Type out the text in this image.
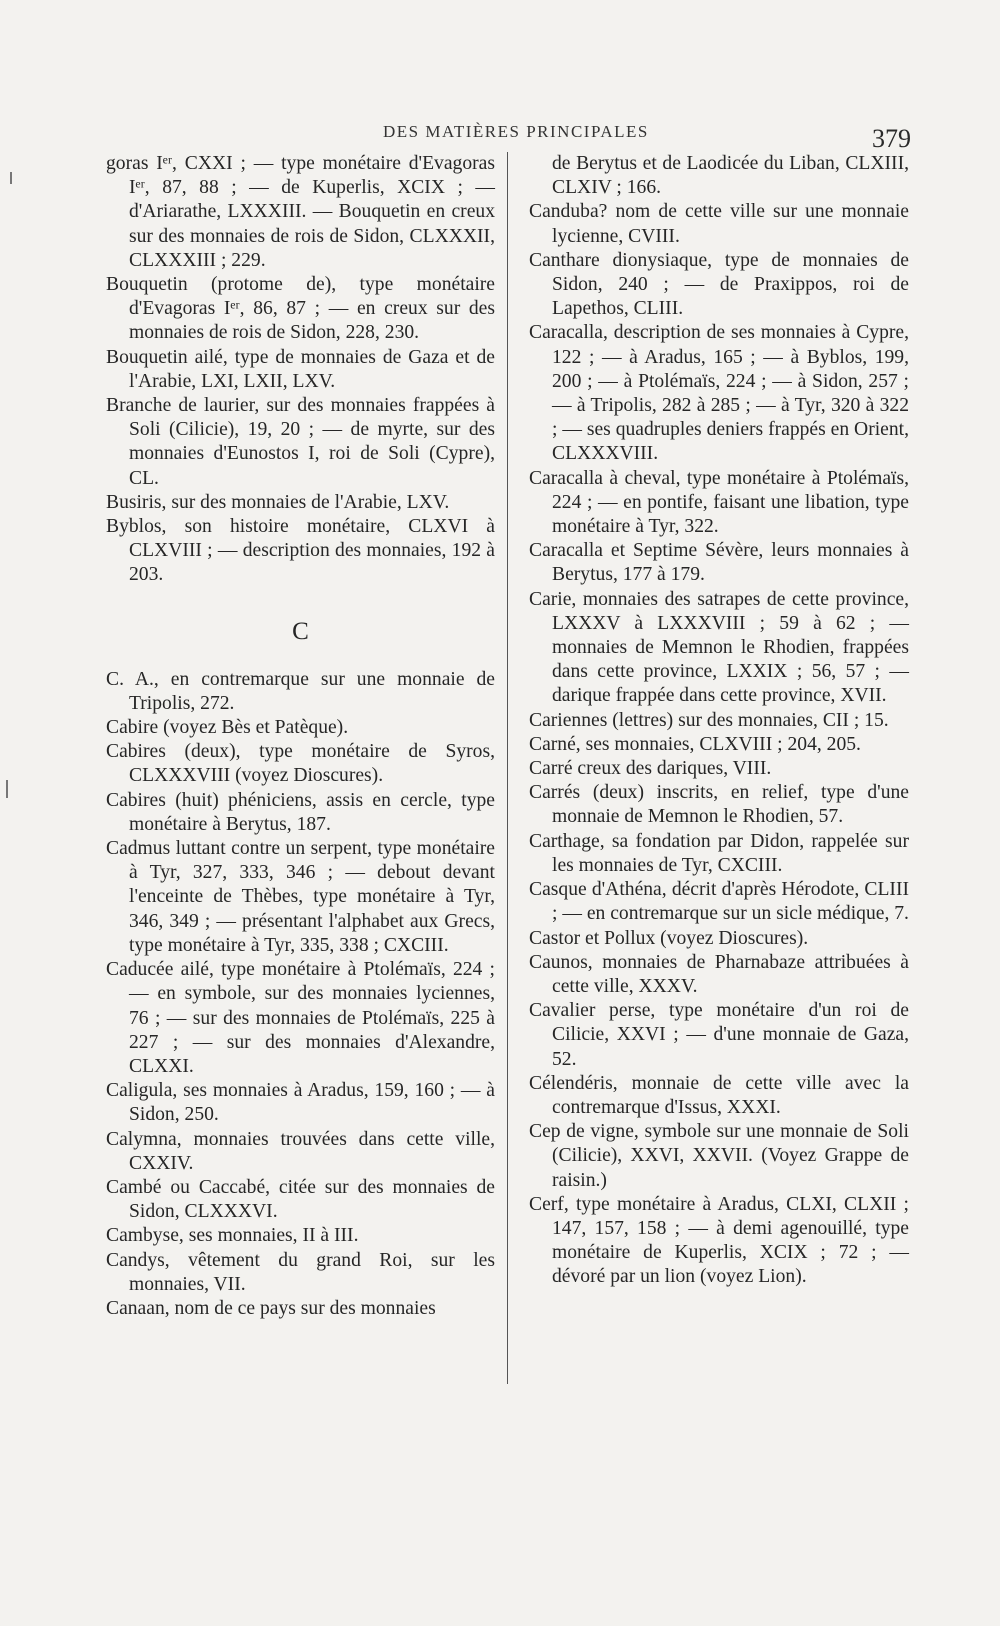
DES MATIÈRES PRINCIPALES	379

goras Iᵉʳ, CXXI ; — type monétaire d'Evagoras Iᵉʳ, 87, 88 ; — de Kuperlis, XCIX ; — d'Ariarathe, LXXXIII. — Bouquetin en creux sur des monnaies de rois de Sidon, CLXXXII, CLXXXIII ; 229.

Bouquetin (protome de), type monétaire d'Evagoras Iᵉʳ, 86, 87 ; — en creux sur des monnaies de rois de Sidon, 228, 230.

Bouquetin ailé, type de monnaies de Gaza et de l'Arabie, LXI, LXII, LXV.

Branche de laurier, sur des monnaies frappées à Soli (Cilicie), 19, 20 ; — de myrte, sur des monnaies d'Eunostos I, roi de Soli (Cypre), CL.

Busiris, sur des monnaies de l'Arabie, LXV.

Byblos, son histoire monétaire, CLXVI à CLXVIII ; — description des monnaies, 192 à 203.

C

C. A., en contremarque sur une monnaie de Tripolis, 272.

Cabire (voyez Bès et Patèque).

Cabires (deux), type monétaire de Syros, CLXXXVIII (voyez Dioscures).

Cabires (huit) phéniciens, assis en cercle, type monétaire à Berytus, 187.

Cadmus luttant contre un serpent, type monétaire à Tyr, 327, 333, 346 ; — debout devant l'enceinte de Thèbes, type monétaire à Tyr, 346, 349 ; — présentant l'alphabet aux Grecs, type monétaire à Tyr, 335, 338 ; CXCIII.

Caducée ailé, type monétaire à Ptolémaïs, 224 ; — en symbole, sur des monnaies lyciennes, 76 ; — sur des monnaies de Ptolémaïs, 225 à 227 ; — sur des monnaies d'Alexandre, CLXXI.

Caligula, ses monnaies à Aradus, 159, 160 ; — à Sidon, 250.

Calymna, monnaies trouvées dans cette ville, CXXIV.

Cambé ou Caccabé, citée sur des monnaies de Sidon, CLXXXVI.

Cambyse, ses monnaies, II à III.

Candys, vêtement du grand Roi, sur les monnaies, VII.

Canaan, nom de ce pays sur des monnaies

de Berytus et de Laodicée du Liban, CLXIII, CLXIV ; 166.

Canduba? nom de cette ville sur une monnaie lycienne, CVIII.

Canthare dionysiaque, type de monnaies de Sidon, 240 ; — de Praxippos, roi de Lapethos, CLIII.

Caracalla, description de ses monnaies à Cypre, 122 ; — à Aradus, 165 ; — à Byblos, 199, 200 ; — à Ptolémaïs, 224 ; — à Sidon, 257 ; — à Tripolis, 282 à 285 ; — à Tyr, 320 à 322 ; — ses quadruples deniers frappés en Orient, CLXXXVIII.

Caracalla à cheval, type monétaire à Ptolémaïs, 224 ; — en pontife, faisant une libation, type monétaire à Tyr, 322.

Caracalla et Septime Sévère, leurs monnaies à Berytus, 177 à 179.

Carie, monnaies des satrapes de cette province, LXXXV à LXXXVIII ; 59 à 62 ; — monnaies de Memnon le Rhodien, frappées dans cette province, LXXIX ; 56, 57 ; — darique frappée dans cette province, XVII.

Cariennes (lettres) sur des monnaies, CII ; 15.

Carné, ses monnaies, CLXVIII ; 204, 205.

Carré creux des dariques, VIII.

Carrés (deux) inscrits, en relief, type d'une monnaie de Memnon le Rhodien, 57.

Carthage, sa fondation par Didon, rappelée sur les monnaies de Tyr, CXCIII.

Casque d'Athéna, décrit d'après Hérodote, CLIII ; — en contremarque sur un sicle médique, 7.

Castor et Pollux (voyez Dioscures).

Caunos, monnaies de Pharnabaze attribuées à cette ville, XXXV.

Cavalier perse, type monétaire d'un roi de Cilicie, XXVI ; — d'une monnaie de Gaza, 52.

Célendéris, monnaie de cette ville avec la contremarque d'Issus, XXXI.

Cep de vigne, symbole sur une monnaie de Soli (Cilicie), XXVI, XXVII. (Voyez Grappe de raisin.)

Cerf, type monétaire à Aradus, CLXI, CLXII ; 147, 157, 158 ; — à demi agenouillé, type monétaire de Kuperlis, XCIX ; 72 ; — dévoré par un lion (voyez Lion).
